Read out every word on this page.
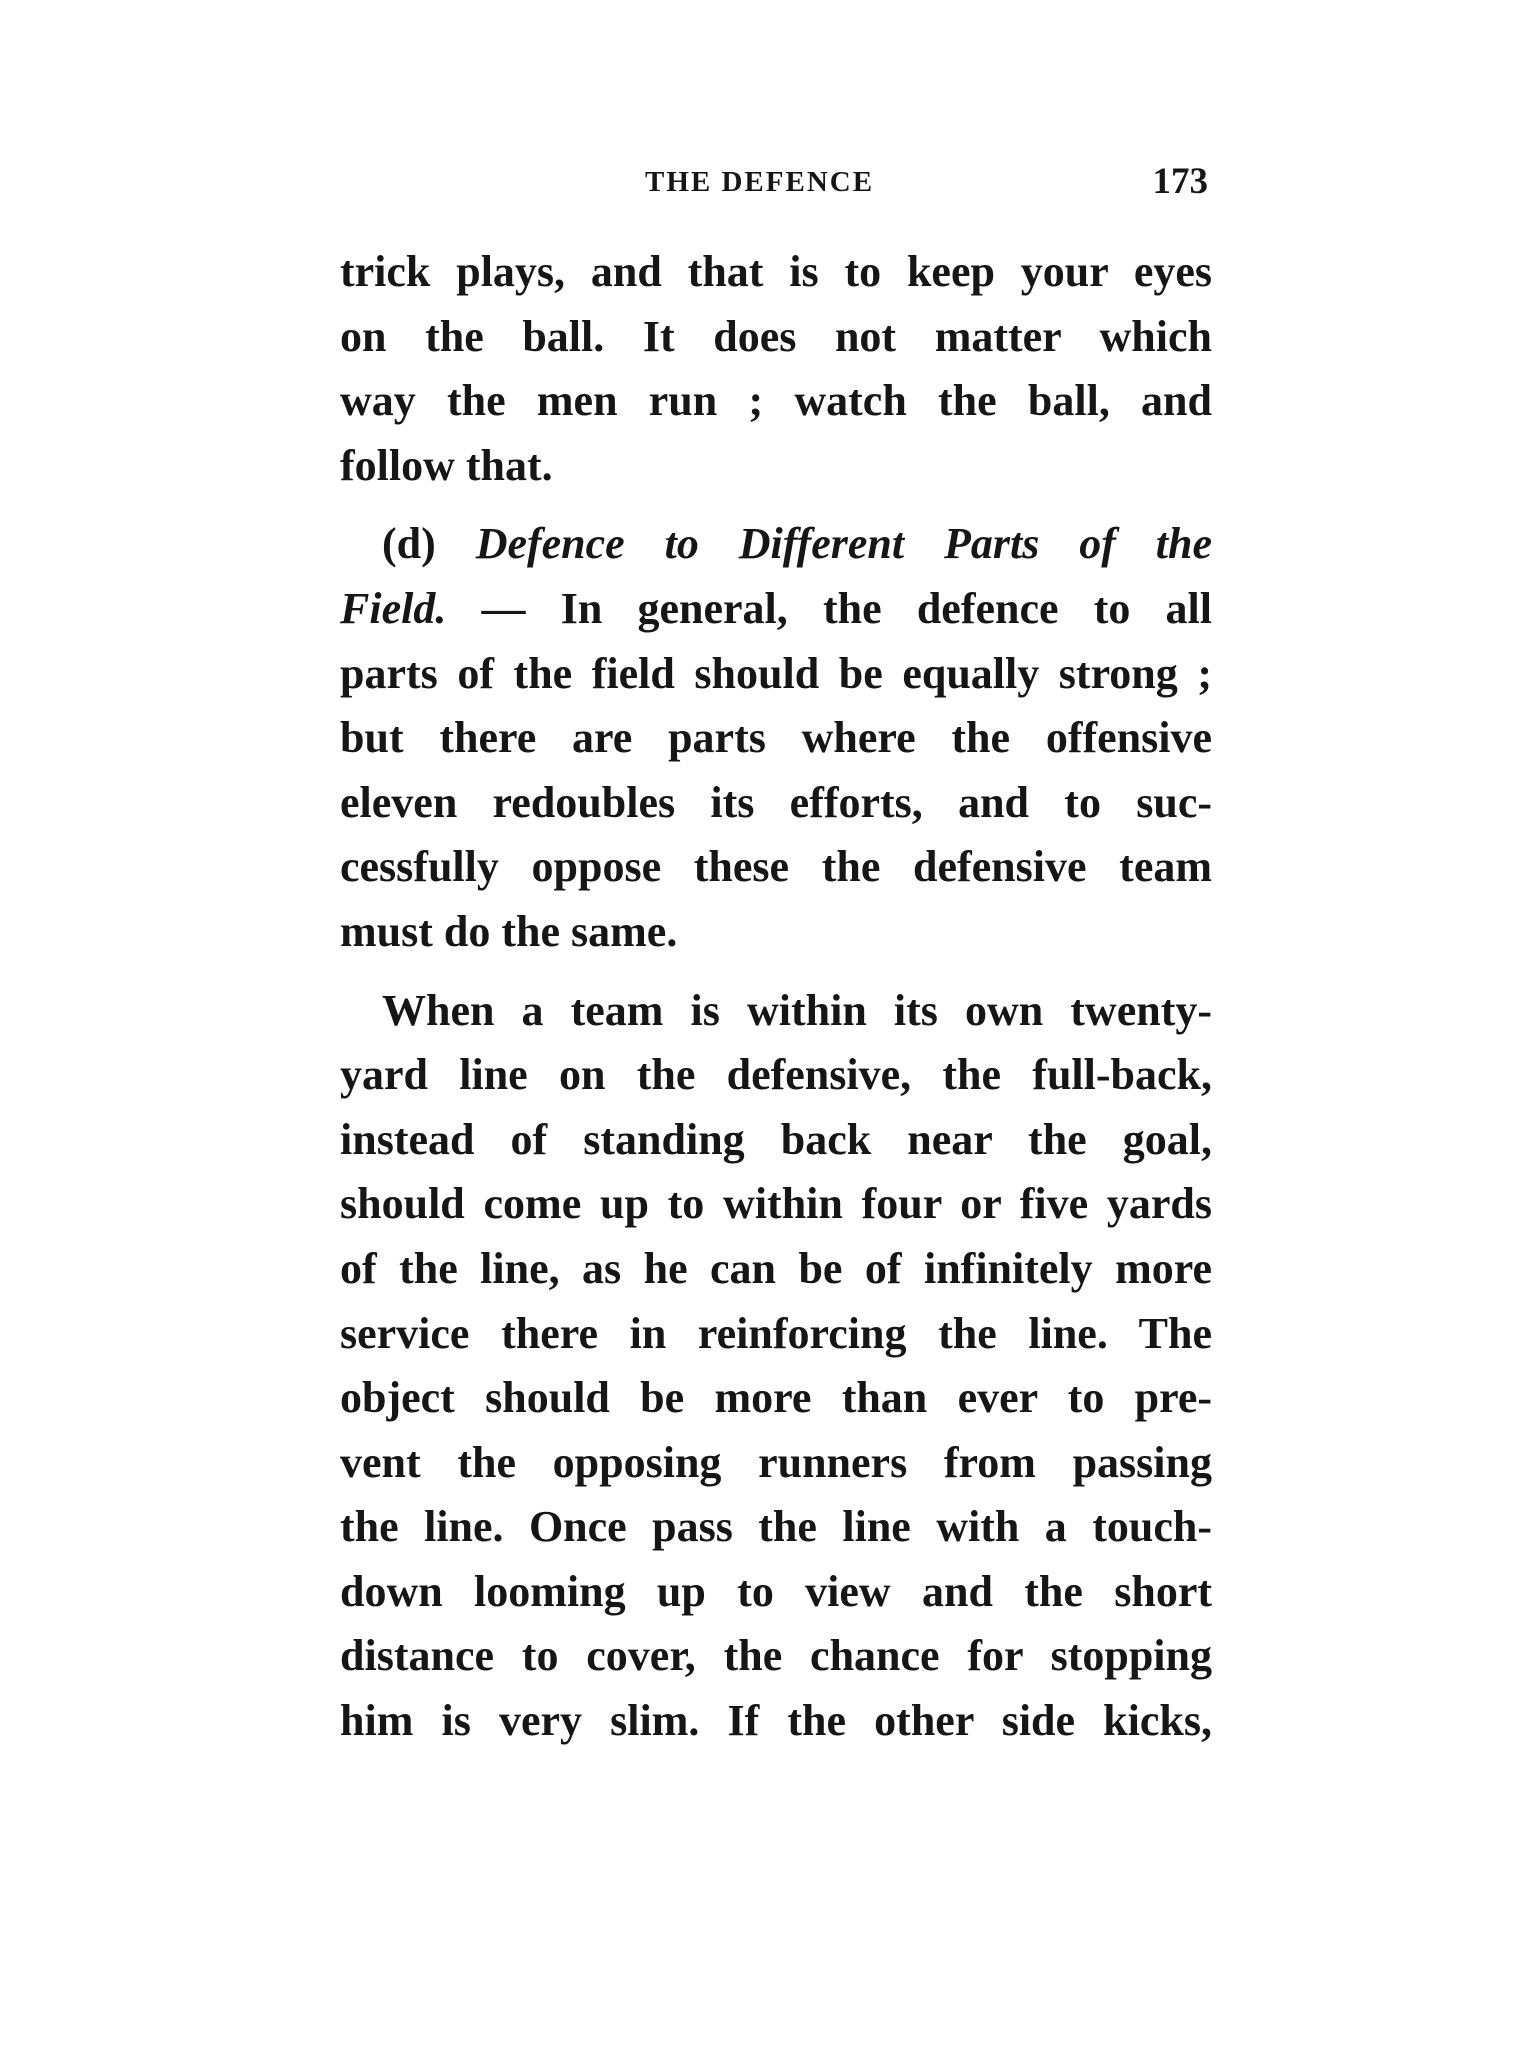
THE DEFENCE	173
trick plays, and that is to keep your eyes
on the ball. It does not matter which
way the men run ; watch the ball, and
follow that.
(d) Defence to Different Parts of the
Field. — In general, the defence to all
parts of the field should be equally strong ;
but there are parts where the offensive
eleven redoubles its efforts, and to suc-
cessfully oppose these the defensive team
must do the same.
When a team is within its own twenty-
yard line on the defensive, the full-back,
instead of standing back near the goal,
should come up to within four or five yards
of the line, as he can be of infinitely more
service there in reinforcing the line. The
object should be more than ever to pre-
vent the opposing runners from passing
the line. Once pass the line with a touch-
down looming up to view and the short
distance to cover, the chance for stopping
him is very slim. If the other side kicks,
